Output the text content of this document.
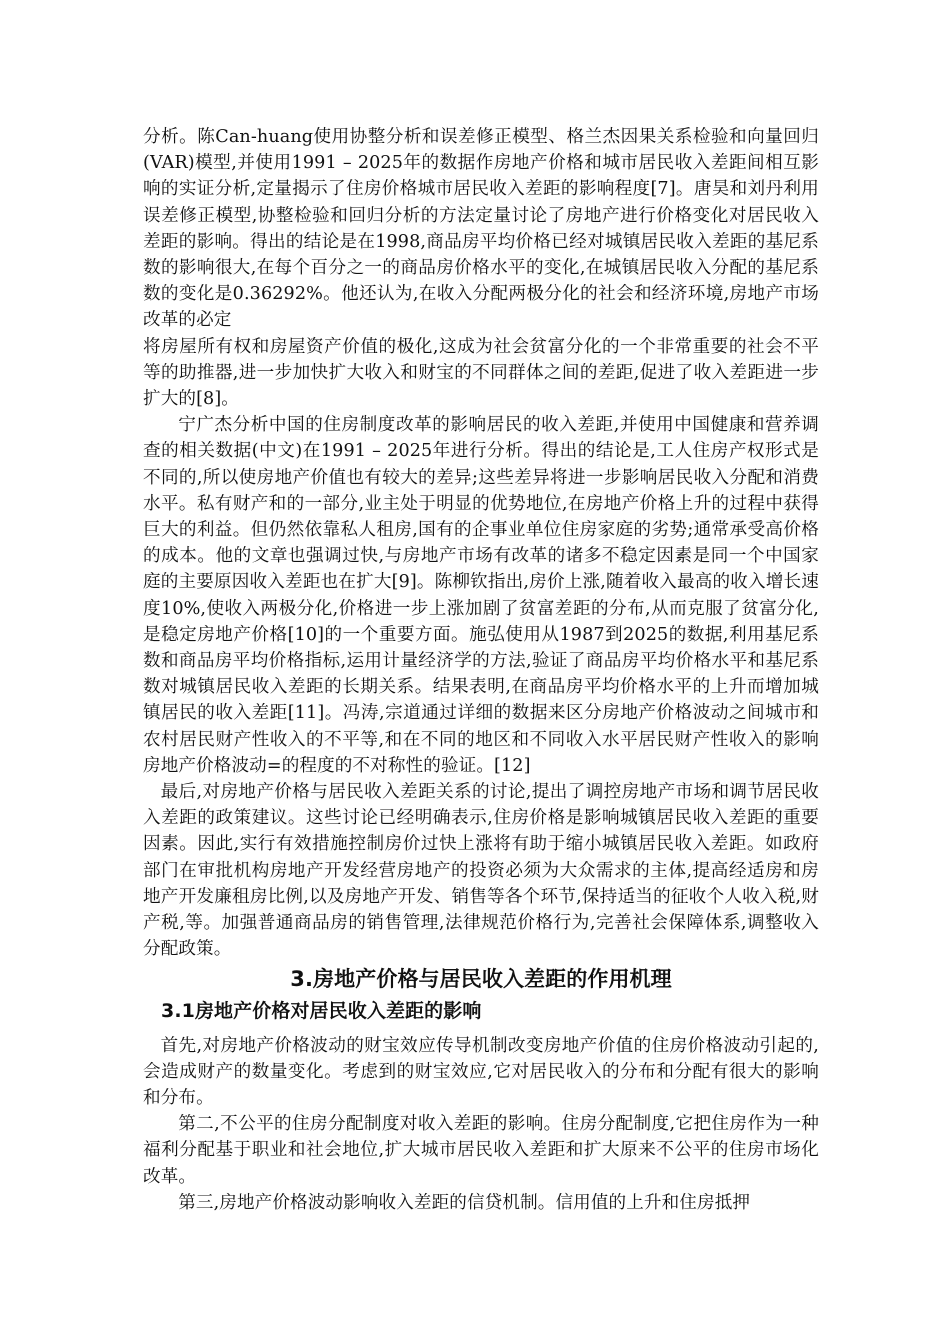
分析。陈Can-huang使用协整分析和误差修正模型、格兰杰因果关系检验和向量回归(VAR)模型,并使用1991 – 2025年的数据作房地产价格和城市居民收入差距间相互影响的实证分析,定量揭示了住房价格城市居民收入差距的影响程度[7]。唐昊和刘丹利用误差修正模型,协整检验和回归分析的方法定量讨论了房地产进行价格变化对居民收入差距的影响。得出的结论是在1998,商品房平均价格已经对城镇居民收入差距的基尼系数的影响很大,在每个百分之一的商品房价格水平的变化,在城镇居民收入分配的基尼系数的变化是0.36292%。他还认为,在收入分配两极分化的社会和经济环境,房地产市场改革的必定

将房屋所有权和房屋资产价值的极化,这成为社会贫富分化的一个非常重要的社会不平等的助推器,进一步加快扩大收入和财宝的不同群体之间的差距,促进了收入差距进一步扩大的[8]。

宁广杰分析中国的住房制度改革的影响居民的收入差距,并使用中国健康和营养调查的相关数据(中文)在1991 – 2025年进行分析。得出的结论是,工人住房产权形式是不同的,所以使房地产价值也有较大的差异;这些差异将进一步影响居民收入分配和消费水平。私有财产和的一部分,业主处于明显的优势地位,在房地产价格上升的过程中获得巨大的利益。但仍然依靠私人租房,国有的企事业单位住房家庭的劣势;通常承受高价格的成本。他的文章也强调过快,与房地产市场有改革的诸多不稳定因素是同一个中国家庭的主要原因收入差距也在扩大[9]。陈柳钦指出,房价上涨,随着收入最高的收入增长速度10%,使收入两极分化,价格进一步上涨加剧了贫富差距的分布,从而克服了贫富分化,是稳定房地产价格[10]的一个重要方面。施弘使用从1987到2025的数据,利用基尼系数和商品房平均价格指标,运用计量经济学的方法,验证了商品房平均价格水平和基尼系数对城镇居民收入差距的长期关系。结果表明,在商品房平均价格水平的上升而增加城镇居民的收入差距[11]。冯涛,宗道通过详细的数据来区分房地产价格波动之间城市和农村居民财产性收入的不平等,和在不同的地区和不同收入水平居民财产性收入的影响房地产价格波动=的程度的不对称性的验证。[12]

最后,对房地产价格与居民收入差距关系的讨论,提出了调控房地产市场和调节居民收入差距的政策建议。这些讨论已经明确表示,住房价格是影响城镇居民收入差距的重要因素。因此,实行有效措施控制房价过快上涨将有助于缩小城镇居民收入差距。如政府部门在审批机构房地产开发经营房地产的投资必须为大众需求的主体,提高经适房和房地产开发廉租房比例,以及房地产开发、销售等各个环节,保持适当的征收个人收入税,财产税,等。加强普通商品房的销售管理,法律规范价格行为,完善社会保障体系,调整收入分配政策。

3.房地产价格与居民收入差距的作用机理
3.1房地产价格对居民收入差距的影响

首先,对房地产价格波动的财宝效应传导机制改变房地产价值的住房价格波动引起的,会造成财产的数量变化。考虑到的财宝效应,它对居民收入的分布和分配有很大的影响和分布。

第二,不公平的住房分配制度对收入差距的影响。住房分配制度,它把住房作为一种福利分配基于职业和社会地位,扩大城市居民收入差距和扩大原来不公平的住房市场化改革。

第三,房地产价格波动影响收入差距的信贷机制。信用值的上升和住房抵押
